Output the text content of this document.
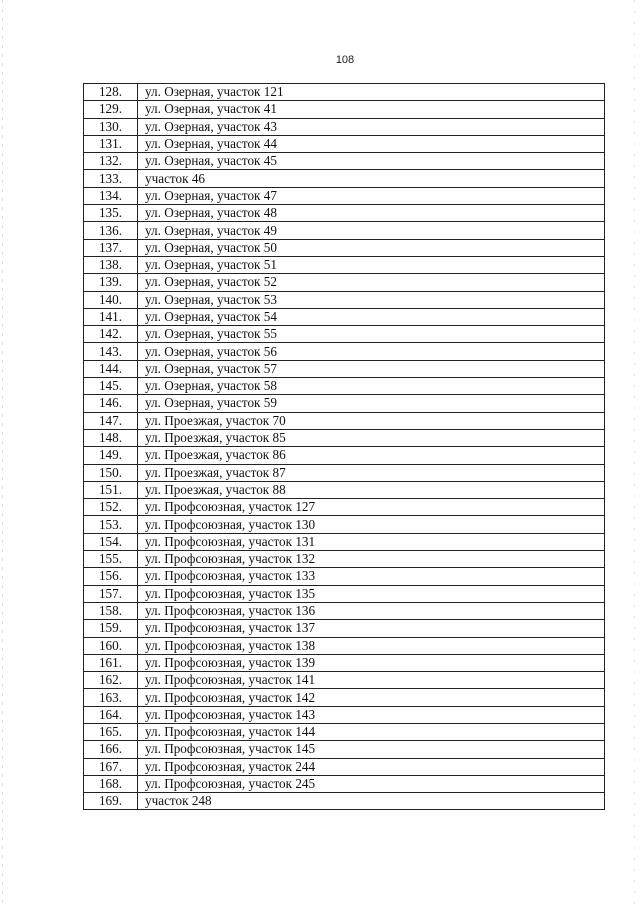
108
128.	ул. Озерная, участок 121
129.	ул. Озерная, участок 41
130.	ул. Озерная, участок 43
131.	ул. Озерная, участок 44
132.	ул. Озерная, участок 45
133.	участок 46
134.	ул. Озерная, участок 47
135.	ул. Озерная, участок 48
136.	ул. Озерная, участок 49
137.	ул. Озерная, участок 50
138.	ул. Озерная, участок 51
139.	ул. Озерная, участок 52
140.	ул. Озерная, участок 53
141.	ул. Озерная, участок 54
142.	ул. Озерная, участок 55
143.	ул. Озерная, участок 56
144.	ул. Озерная, участок 57
145.	ул. Озерная, участок 58
146.	ул. Озерная, участок 59
147.	ул. Проезжая, участок 70
148.	ул. Проезжая, участок 85
149.	ул. Проезжая, участок 86
150.	ул. Проезжая, участок 87
151.	ул. Проезжая, участок 88
152.	ул. Профсоюзная, участок 127
153.	ул. Профсоюзная, участок 130
154.	ул. Профсоюзная, участок 131
155.	ул. Профсоюзная, участок 132
156.	ул. Профсоюзная, участок 133
157.	ул. Профсоюзная, участок 135
158.	ул. Профсоюзная, участок 136
159.	ул. Профсоюзная, участок 137
160.	ул. Профсоюзная, участок 138
161.	ул. Профсоюзная, участок 139
162.	ул. Профсоюзная, участок 141
163.	ул. Профсоюзная, участок 142
164.	ул. Профсоюзная, участок 143
165.	ул. Профсоюзная, участок 144
166.	ул. Профсоюзная, участок 145
167.	ул. Профсоюзная, участок 244
168.	ул. Профсоюзная, участок 245
169.	участок 248
